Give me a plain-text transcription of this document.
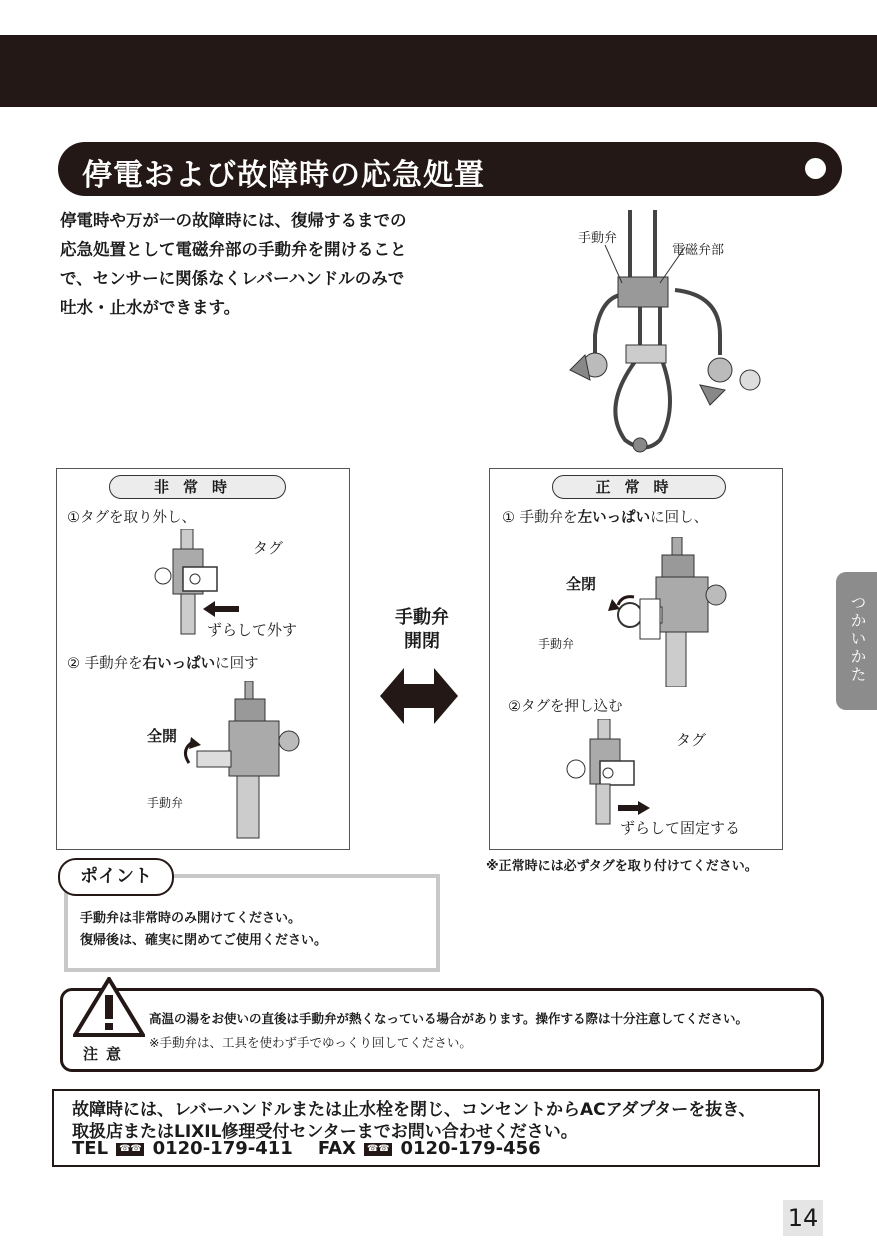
停電および故障時の応急処置
停電時や万が一の故障時には、復帰するまでの
応急処置として電磁弁部の手動弁を開けること
で、センサーに関係なくレバーハンドルのみで
吐水・止水ができます。
手動弁
電磁弁部
非常時
①タグを取り外し、
タグ
ずらして外す
② 手動弁を右いっぱいに回す
全開
手動弁
手動弁
開閉
正常時
① 手動弁を左いっぱいに回し、
全閉
手動弁
②タグを押し込む
タグ
ずらして固定する
※正常時には必ずタグを取り付けてください。
つかいかた
ポイント
手動弁は非常時のみ開けてください。
復帰後は、確実に閉めてご使用ください。
注意
高温の湯をお使いの直後は手動弁が熱くなっている場合があります。操作する際は十分注意してください。
※手動弁は、工具を使わず手でゆっくり回してください。
故障時には、レバーハンドルまたは止水栓を閉じ、コンセントからACアダプターを抜き、
取扱店またはLIXIL修理受付センターまでお問い合わせください。
TEL ☎☎ 0120-179-411 FAX ☎☎ 0120-179-456
14
